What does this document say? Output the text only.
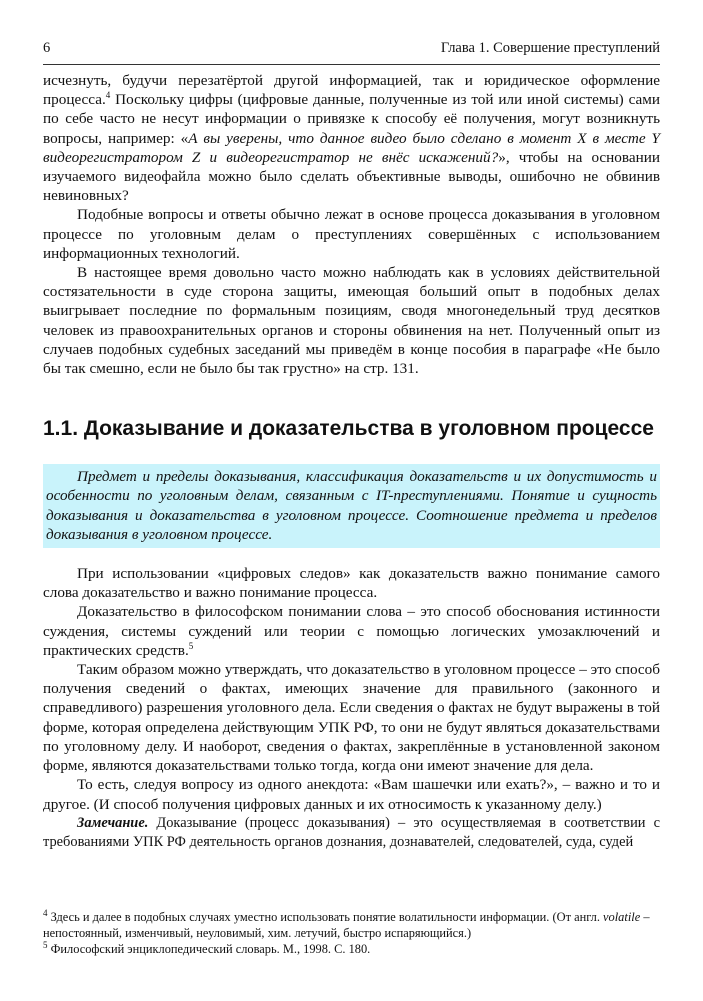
6	Глава 1. Совершение преступлений

исчезнуть, будучи перезатёртой другой информацией, так и юридическое оформление процесса.$^4$ Поскольку цифры (цифровые данные, полученные из той или иной системы) сами по себе часто не несут информации о привязке к способу её получения, могут возникнуть вопросы, например: «А вы уверены, что данное видео было сделано в момент X в месте Y видеорегистратором Z и видеорегистратор не внёс искажений?», чтобы на основании изучаемого видеофайла можно было сделать объективные выводы, ошибочно не обвинив невиновных?

Подобные вопросы и ответы обычно лежат в основе процесса доказывания в уголовном процессе по уголовным делам о преступлениях совершённых с использованием информационных технологий.

В настоящее время довольно часто можно наблюдать как в условиях действительной состязательности в суде сторона защиты, имеющая больший опыт в подобных делах выигрывает последние по формальным позициям, сводя многонедельный труд десятков человек из правоохранительных органов и стороны обвинения на нет. Полученный опыт из случаев подобных судебных заседаний мы приведём в конце пособия в параграфе «Не было бы так смешно, если не было бы так грустно» на стр. 131.

1.1. Доказывание и доказательства в уголовном процессе
Предмет и пределы доказывания, классификация доказательств и их допустимость и особенности по уголовным делам, связанным с IT-преступлениями. Понятие и сущность доказывания и доказательства в уголовном процессе. Соотношение предмета и пределов доказывания в уголовном процессе.

При использовании «цифровых следов» как доказательств важно понимание самого слова доказательство и важно понимание процесса.

Доказательство в философском понимании слова – это способ обоснования истинности суждения, системы суждений или теории с помощью логических умозаключений и практических средств.$^5$

Таким образом можно утверждать, что доказательство в уголовном процессе – это способ получения сведений о фактах, имеющих значение для правильного (законного и справедливого) разрешения уголовного дела. Если сведения о фактах не будут выражены в той форме, которая определена действующим УПК РФ, то они не будут являться доказательствами по уголовному делу. И наоборот, сведения о фактах, закреплённые в установленной законом форме, являются доказательствами только тогда, когда они имеют значение для дела.

То есть, следуя вопросу из одного анекдота: «Вам шашечки или ехать?», – важно и то и другое. (И способ получения цифровых данных и их относимость к указанному делу.)

Замечание. Доказывание (процесс доказывания) – это осуществляемая в соответствии с требованиями УПК РФ деятельность органов дознания, дознавателей, следователей, суда, судей

$^4$ Здесь и далее в подобных случаях уместно использовать понятие волатильности информации. (От англ. volatile – непостоянный, изменчивый, неуловимый, хим. летучий, быстро испаряющийся.)

$^5$ Философский энциклопедический словарь. М., 1998. С. 180.
